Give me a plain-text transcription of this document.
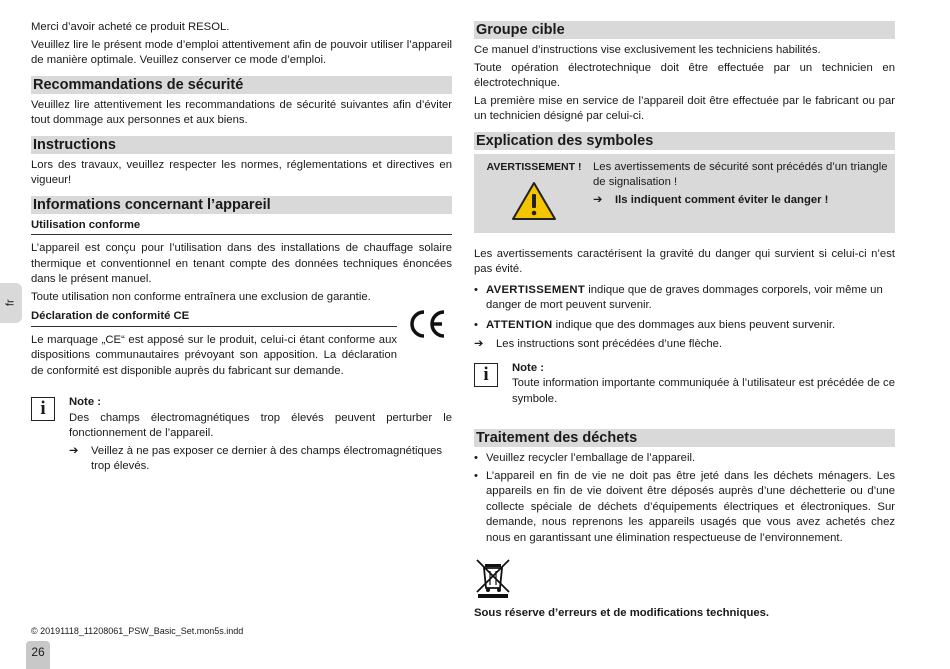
Merci d’avoir acheté ce produit RESOL.

Veuillez lire le présent mode d’emploi attentivement afin de pouvoir utiliser l’appareil de manière optimale. Veuillez conserver ce mode d’emploi.

Recommandations de sécurité

Veuillez lire attentivement les recommandations de sécurité suivantes afin d’éviter tout dommage aux personnes et aux biens.

Instructions

Lors des travaux, veuillez respecter les normes, réglementations et directives en vigueur!

Informations concernant l’appareil
Utilisation conforme

L’appareil est conçu pour l’utilisation dans des installations de chauffage solaire thermique et conventionnel en tenant compte des données techniques énoncées dans le présent manuel.

Toute utilisation non conforme entraînera une exclusion de garantie.

Déclaration de conformité CE

Le marquage „CE“ est apposé sur le produit, celui-ci étant conforme aux dispositions communautaires prévoyant son apposition. La déclaration de conformité est disponible auprès du fabricant sur demande.

i	Note :

Des champs électromagnétiques trop élevés peuvent perturber le fonctionnement de l’appareil.

➔	Veillez à ne pas exposer ce dernier à des champs électromagnétiques trop élevés.
Groupe cible

Ce manuel d’instructions vise exclusivement les techniciens habilités.

Toute opération électrotechnique doit être effectuée par un technicien en électrotechnique.

La première mise en service de l’appareil doit être effectuée par le fabricant ou par un technicien désigné par celui-ci.

Explication des symboles
AVERTISSEMENT !	Les avertissements de sécurité sont précédés d’un triangle de signalisation !

➔	Ils indiquent comment éviter le danger !

Les avertissements caractérisent la gravité du danger qui survient si celui-ci n’est pas évité.

• AVERTISSEMENT indique que de graves dommages corporels, voir même un danger de mort peuvent survenir.
• ATTENTION indique que des dommages aux biens peuvent survenir.
➔	Les instructions sont précédées d’une flèche.
i	Note :

Toute information importante communiquée à l’utilisateur est précédée de ce symbole.

Traitement des déchets
• Veuillez recycler l’emballage de l’appareil.
• L’appareil en fin de vie ne doit pas être jeté dans les déchets ménagers. Les appareils en fin de vie doivent être déposés auprès d’une déchetterie ou d’une collecte spéciale de déchets d’équipements électriques et électroniques. Sur demande, nous reprenons les appareils usagés que vous avez achetés chez nous en garantissant une élimination respectueuse de l’environnement.
Sous réserve d’erreurs et de modifications techniques.
fr
© 20191118_11208061_PSW_Basic_Set.mon5s.indd
26
